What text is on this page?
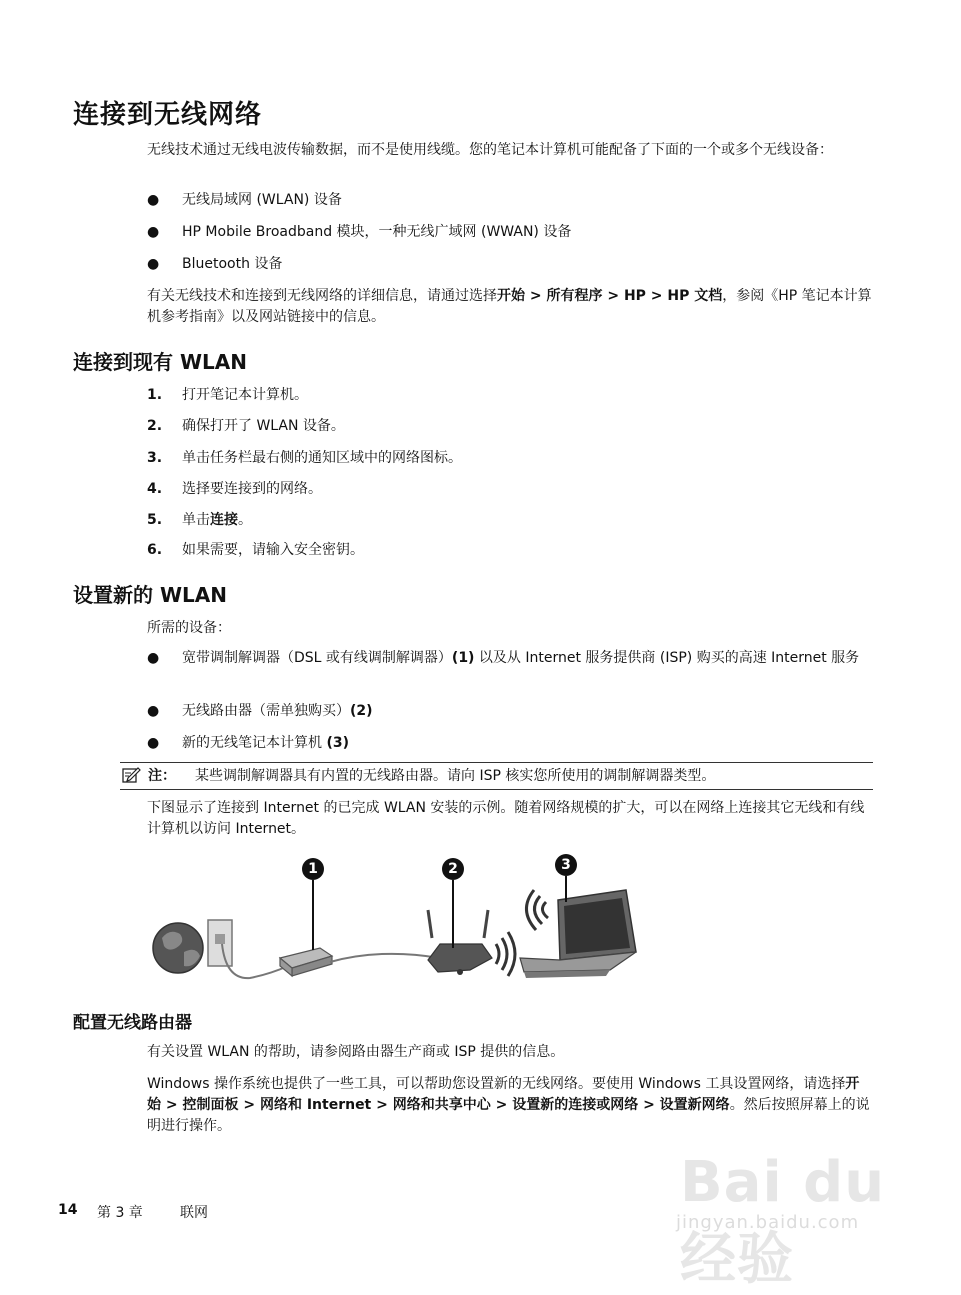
连接到无线网络

无线技术通过无线电波传输数据，而不是使用线缆。您的笔记本计算机可能配备了下面的一个或多个无线设备：

● 无线局域网 (WLAN) 设备
● HP Mobile Broadband 模块，一种无线广域网 (WWAN) 设备
● Bluetooth 设备

有关无线技术和连接到无线网络的详细信息，请通过选择开始 > 所有程序 > HP > HP 文档，参阅《HP 笔记本计算机参考指南》以及网站链接中的信息。

连接到现有 WLAN
1. 打开笔记本计算机。
2. 确保打开了 WLAN 设备。
3. 单击任务栏最右侧的通知区域中的网络图标。
4. 选择要连接到的网络。
5. 单击连接。
6. 如果需要，请输入安全密钥。
设置新的 WLAN

所需的设备：

● 宽带调制解调器（DSL 或有线调制解调器）(1) 以及从 Internet 服务提供商 (ISP) 购买的高速 Internet 服务
● 无线路由器（需单独购买）(2)
● 新的无线笔记本计算机 (3)
注： 某些调制解调器具有内置的无线路由器。请向 ISP 核实您所使用的调制解调器类型。

下图显示了连接到 Internet 的已完成 WLAN 安装的示例。随着网络规模的扩大，可以在网络上连接其它无线和有线计算机以访问 Internet。

1	2	3
配置无线路由器

有关设置 WLAN 的帮助，请参阅路由器生产商或 ISP 提供的信息。

Windows 操作系统也提供了一些工具，可以帮助您设置新的无线网络。要使用 Windows 工具设置网络，请选择开始 > 控制面板 > 网络和 Internet > 网络和共享中心 > 设置新的连接或网络 > 设置新网络。然后按照屏幕上的说明进行操作。

14 第 3 章	联网	Bai du 经验
jingyan.baidu.com
